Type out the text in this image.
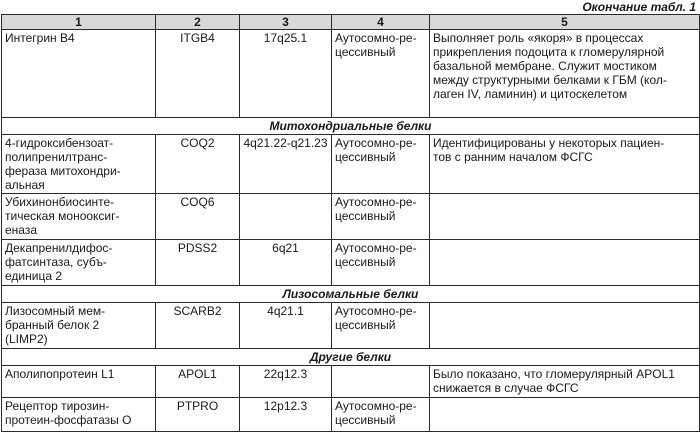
Окончание табл. 1
1	2	3	4	5
Интегрин В4	ITGB4	17q25.1	Аутосомно-ре-
цессивный	Выполняет роль «якоря» в процессах
прикрепления подоцита к гломерулярной
базальной мембране. Служит мостиком
между структурными белками к ГБМ (кол-
лаген IV, ламинин) и цитоскелетом
Митохондриальные белки				
4-гидроксибензоат-
полипренилтранс-
фераза митохондри-
альная	COQ2	4q21.22-q21.23	Аутосомно-ре-
цессивный	Идентифицированы у некоторых пациен-
тов с ранним началом ФСГС
Убихинонбиосинте-
тическая монооксиг-
еназа	COQ6		Аутосомно-ре-
цессивный	
Декапренилдифос-
фатсинтаза, субъ-
единица 2	PDSS2	6q21	Аутосомно-ре-
цессивный	
Лизосомальные белки				
Лизосомный мем-
бранный белок 2
(LIMP2)	SCARB2	4q21.1	Аутосомно-ре-
цессивный	
Другие белки				
Аполипопротеин L1	APOL1	22q12.3		Было показано, что гломерулярный APOL1
снижается в случае ФСГС
Рецептор тирозин-
протеин-фосфатазы О	PTPRO	12p12.3	Аутосомно-ре-
цессивный	
